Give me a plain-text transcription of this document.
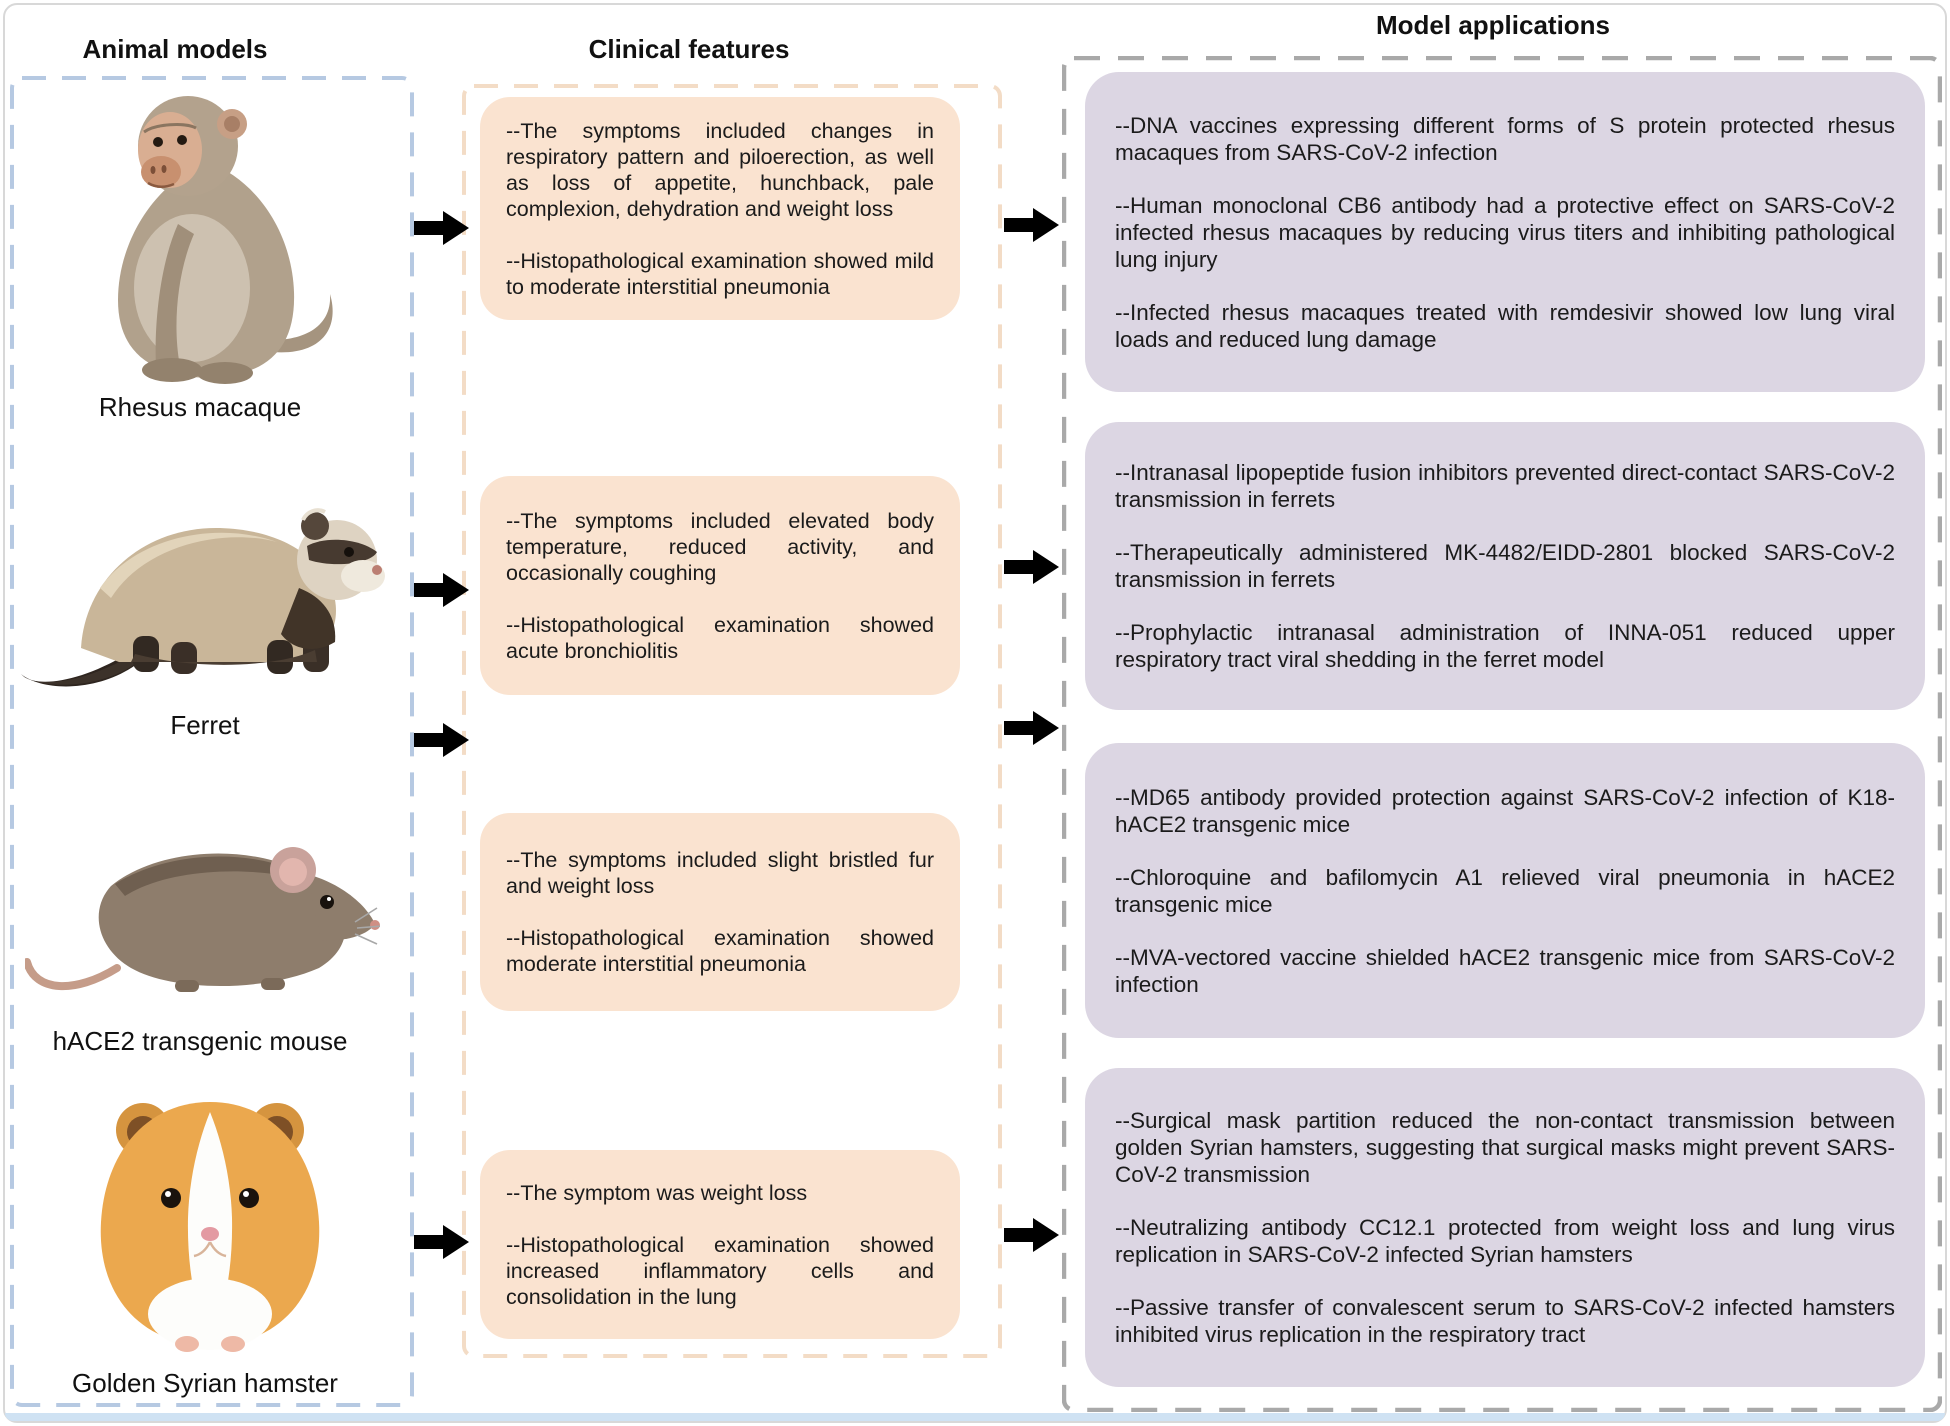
Animal models	Clinical features
Model applications
Rhesus macaque
Ferret
hACE2 transgenic mouse
Golden Syrian hamster

--The symptoms included changes in respiratory pattern and piloerection, as well as loss of appetite, hunchback, pale complexion, dehydration and weight loss

--Histopathological examination showed mild to moderate interstitial pneumonia

--The symptoms included elevated body temperature, reduced activity, and occasionally coughing

--Histopathological examination showed acute bronchiolitis

--The symptoms included slight bristled fur and weight loss

--Histopathological examination showed moderate interstitial pneumonia

--The symptom was weight loss

--Histopathological examination showed increased inflammatory cells and consolidation in the lung

--DNA vaccines expressing different forms of S protein protected rhesus macaques from SARS-CoV-2 infection

--Human monoclonal CB6 antibody had a protective effect on SARS-CoV-2 infected rhesus macaques by reducing virus titers and inhibiting pathological lung injury

--Infected rhesus macaques treated with remdesivir showed low lung viral loads and reduced lung damage

--Intranasal lipopeptide fusion inhibitors prevented direct-contact SARS-CoV-2 transmission in ferrets

--Therapeutically administered MK-4482/EIDD-2801 blocked SARS-CoV-2 transmission in ferrets

--Prophylactic intranasal administration of INNA-051 reduced upper respiratory tract viral shedding in the ferret model

--MD65 antibody provided protection against SARS-CoV-2 infection of K18-hACE2 transgenic mice

--Chloroquine and bafilomycin A1 relieved viral pneumonia in hACE2 transgenic mice

--MVA-vectored vaccine shielded hACE2 transgenic mice from SARS-CoV-2 infection

--Surgical mask partition reduced the non-contact transmission between golden Syrian hamsters, suggesting that surgical masks might prevent SARS-CoV-2 transmission

--Neutralizing antibody CC12.1 protected from weight loss and lung virus replication in SARS-CoV-2 infected Syrian hamsters

--Passive transfer of convalescent serum to SARS-CoV-2 infected hamsters inhibited virus replication in the respiratory tract
